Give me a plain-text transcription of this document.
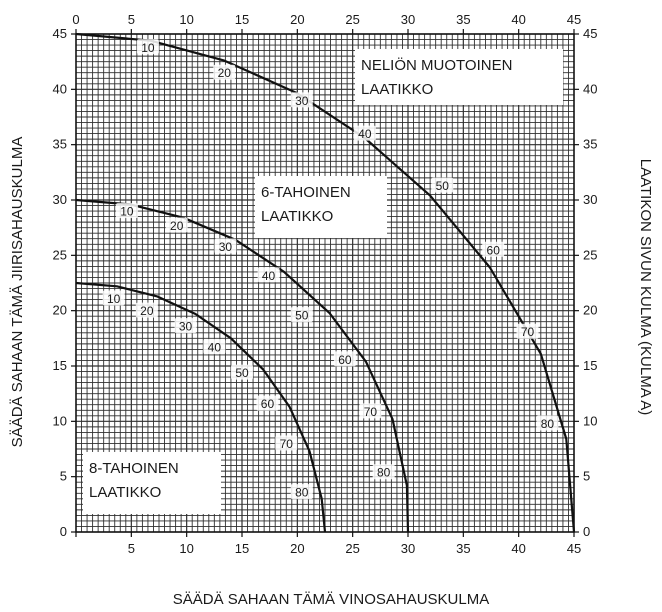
5	10	15	20	25	30	35	40	45
0	5	10	15	20	25	30	35	40	45
0
5
10
15
20
25
30
35
40
45
0
5
10
15
20
25
30
35
40
45
10
20
30
40
50
60
70
80
10
20
30
40
50
60
70
80
10
20
30
40
50
60
70
80
NELIÖN MUOTOINEN
LAATIKKO
6-TAHOINEN
LAATIKKO
8-TAHOINEN
LAATIKKO
SÄÄDÄ SAHAAN TÄMÄ VINOSAHAUSKULMA
SÄÄDÄ SAHAAN TÄMÄ JIIRISAHAUSKULMA	LAATIKON SIVUN KULMA (KULMA A)
